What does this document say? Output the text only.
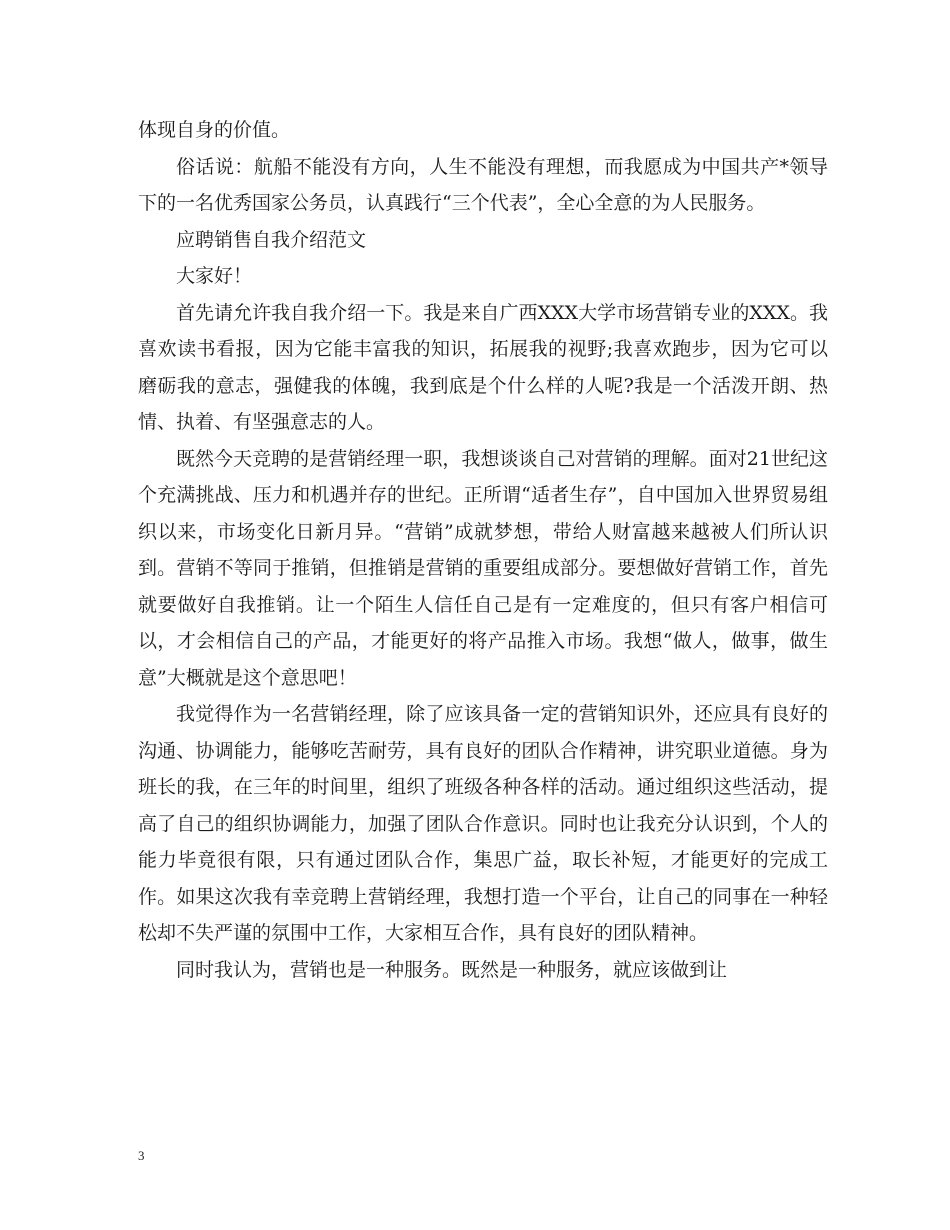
体现自身的价值。

俗话说：航船不能没有方向，人生不能没有理想，而我愿成为中国共产*领导下的一名优秀国家公务员，认真践行“三个代表”，全心全意的为人民服务。

应聘销售自我介绍范文

大家好！

首先请允许我自我介绍一下。我是来自广西XXX大学市场营销专业的XXX。我喜欢读书看报，因为它能丰富我的知识，拓展我的视野;我喜欢跑步，因为它可以磨砺我的意志，强健我的体魄，我到底是个什么样的人呢?我是一个活泼开朗、热情、执着、有坚强意志的人。

既然今天竞聘的是营销经理一职，我想谈谈自己对营销的理解。面对21世纪这个充满挑战、压力和机遇并存的世纪。正所谓“适者生存”，自中国加入世界贸易组织以来，市场变化日新月异。“营销”成就梦想，带给人财富越来越被人们所认识到。营销不等同于推销，但推销是营销的重要组成部分。要想做好营销工作，首先就要做好自我推销。让一个陌生人信任自己是有一定难度的，但只有客户相信可以，才会相信自己的产品，才能更好的将产品推入市场。我想“做人，做事，做生意”大概就是这个意思吧！

我觉得作为一名营销经理，除了应该具备一定的营销知识外，还应具有良好的沟通、协调能力，能够吃苦耐劳，具有良好的团队合作精神，讲究职业道德。身为班长的我，在三年的时间里，组织了班级各种各样的活动。通过组织这些活动，提高了自己的组织协调能力，加强了团队合作意识。同时也让我充分认识到，个人的能力毕竟很有限，只有通过团队合作，集思广益，取长补短，才能更好的完成工作。如果这次我有幸竞聘上营销经理，我想打造一个平台，让自己的同事在一种轻松却不失严谨的氛围中工作，大家相互合作，具有良好的团队精神。

同时我认为，营销也是一种服务。既然是一种服务，就应该做到让

3
